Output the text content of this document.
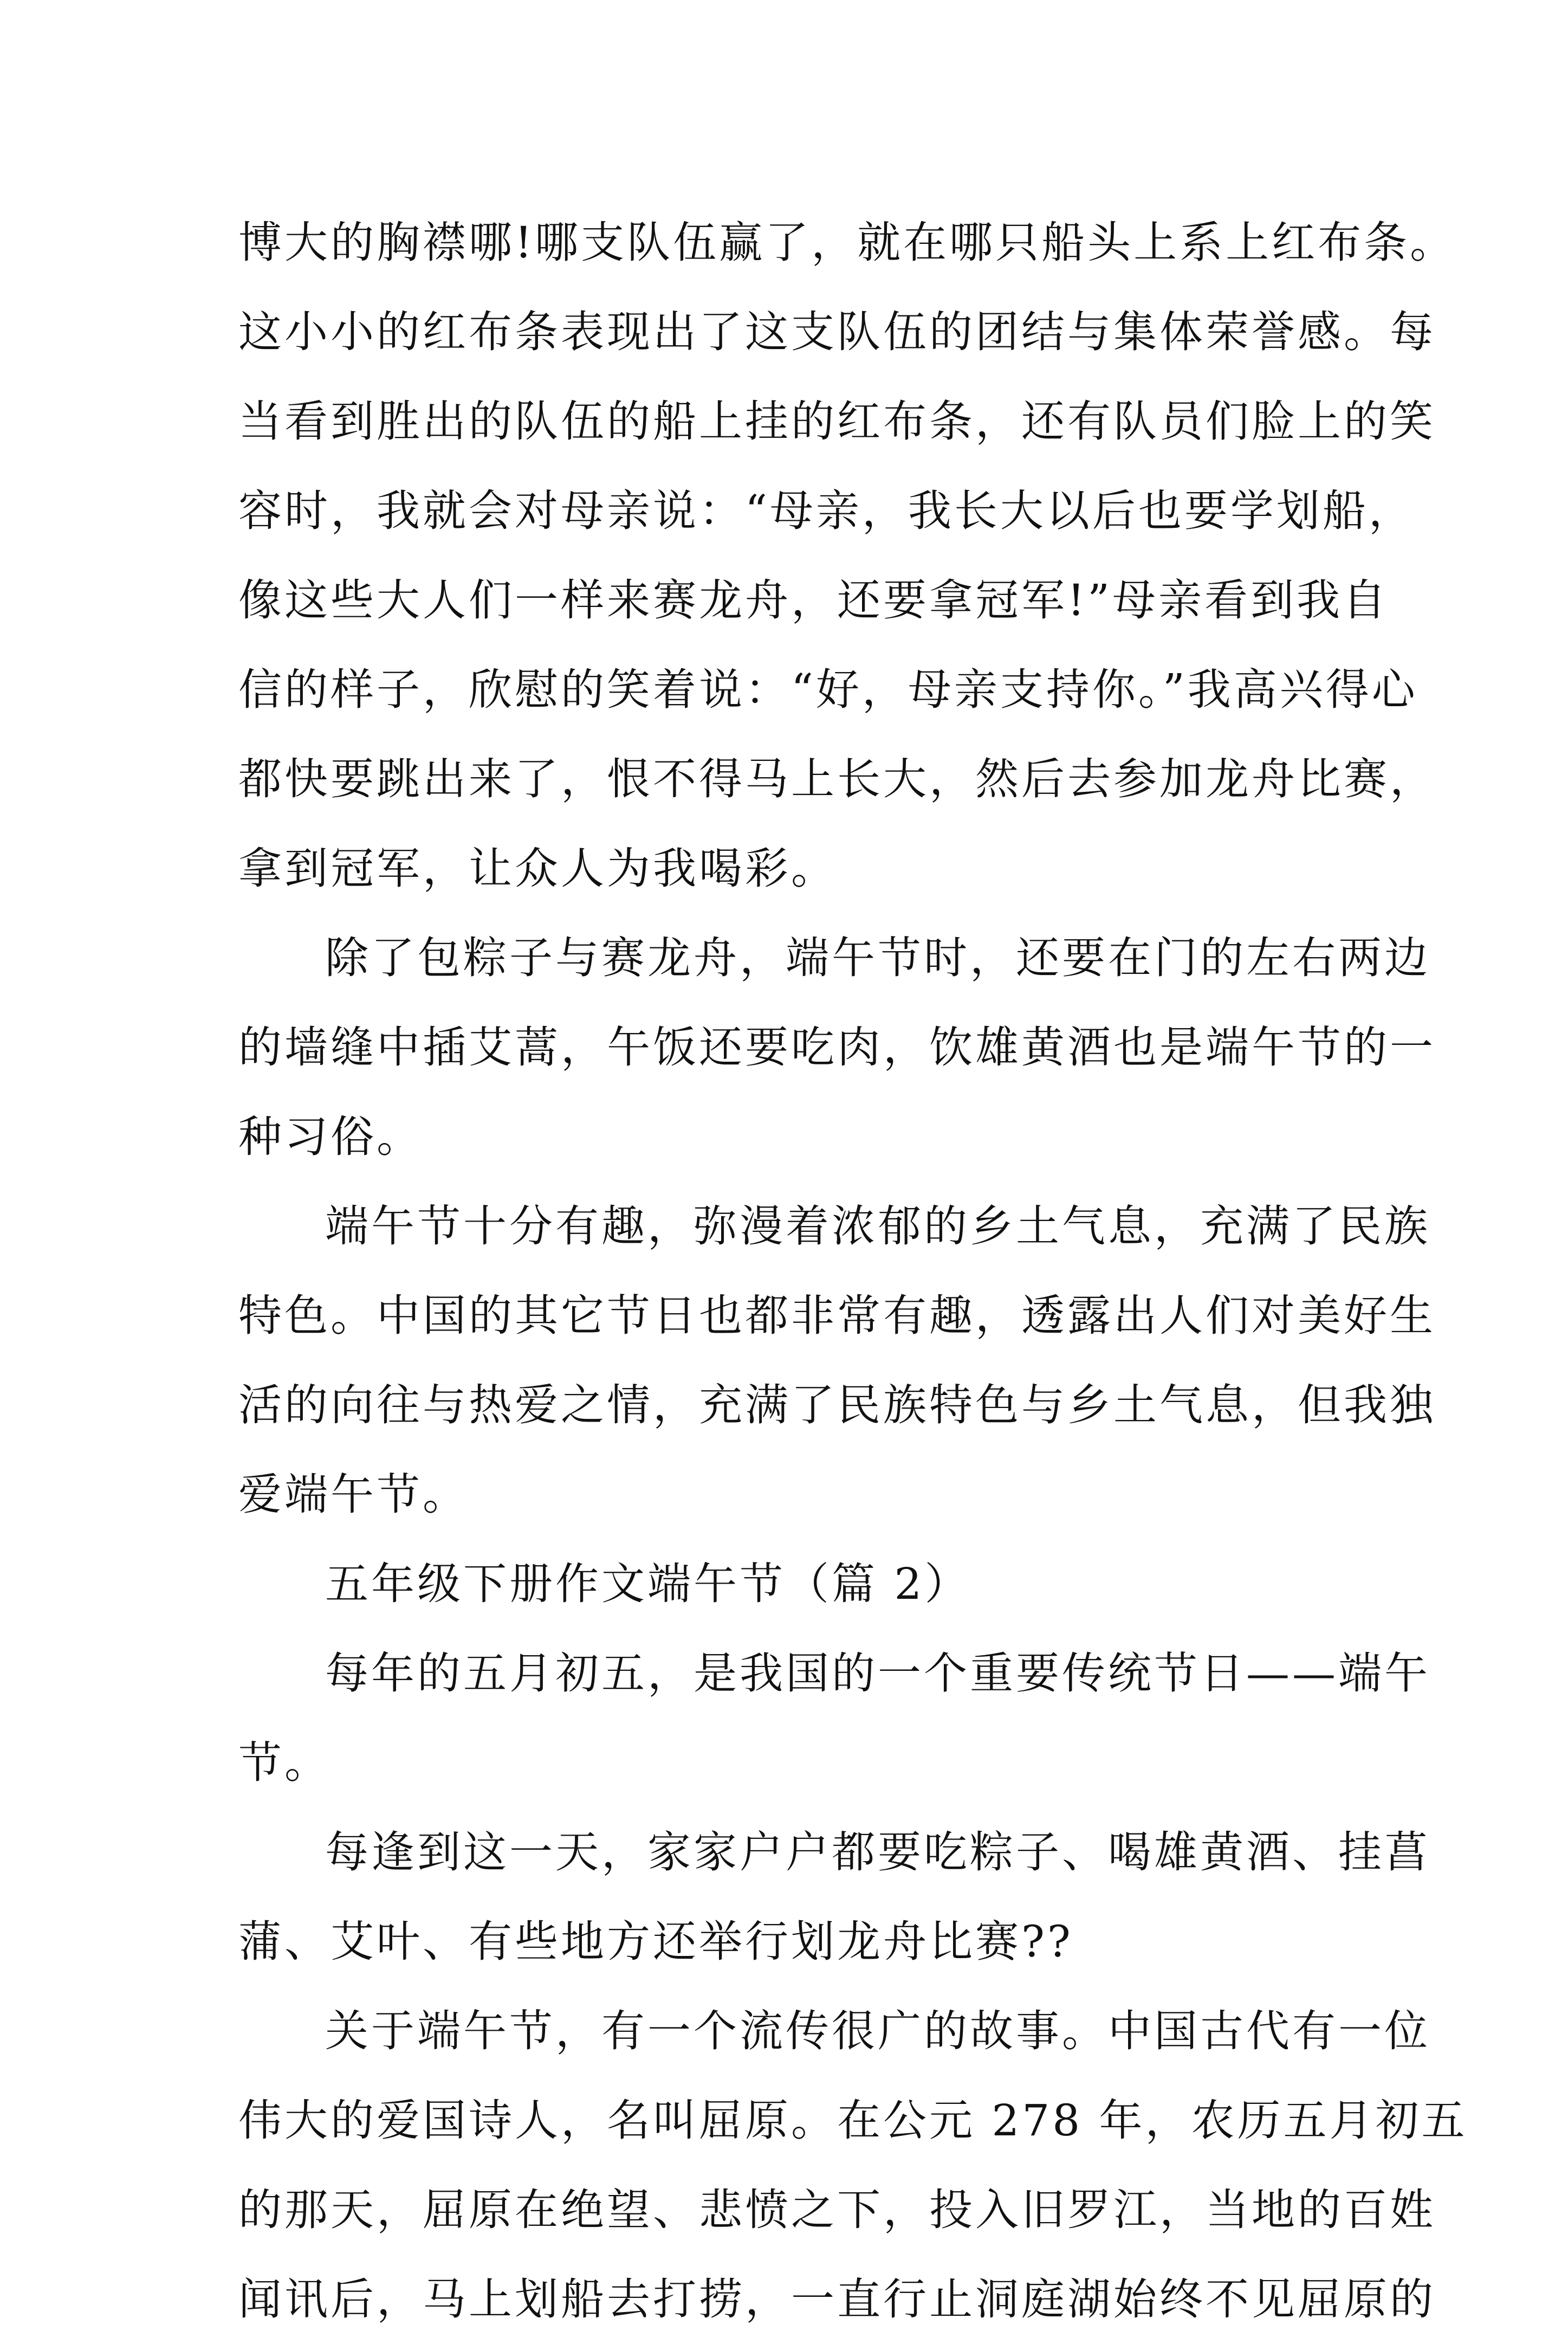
博大的胸襟哪!哪支队伍赢了，就在哪只船头上系上红布条。
这小小的红布条表现出了这支队伍的团结与集体荣誉感。每
当看到胜出的队伍的船上挂的红布条，还有队员们脸上的笑
容时，我就会对母亲说：“母亲，我长大以后也要学划船，
像这些大人们一样来赛龙舟，还要拿冠军!”母亲看到我自
信的样子，欣慰的笑着说：“好，母亲支持你。”我高兴得心
都快要跳出来了，恨不得马上长大，然后去参加龙舟比赛，
拿到冠军，让众人为我喝彩。

除了包粽子与赛龙舟，端午节时，还要在门的左右两边
的墙缝中插艾蒿，午饭还要吃肉，饮雄黄酒也是端午节的一
种习俗。

端午节十分有趣，弥漫着浓郁的乡土气息，充满了民族
特色。中国的其它节日也都非常有趣，透露出人们对美好生
活的向往与热爱之情，充满了民族特色与乡土气息，但我独
爱端午节。

五年级下册作文端午节（篇 2）

每年的五月初五，是我国的一个重要传统节日——端午
节。

每逢到这一天，家家户户都要吃粽子、喝雄黄酒、挂菖
蒲、艾叶、有些地方还举行划龙舟比赛??

关于端午节，有一个流传很广的故事。中国古代有一位
伟大的爱国诗人，名叫屈原。在公元 278 年，农历五月初五
的那天，屈原在绝望、悲愤之下，投入旧罗江，当地的百姓
闻讯后，马上划船去打捞，一直行止洞庭湖始终不见屈原的
